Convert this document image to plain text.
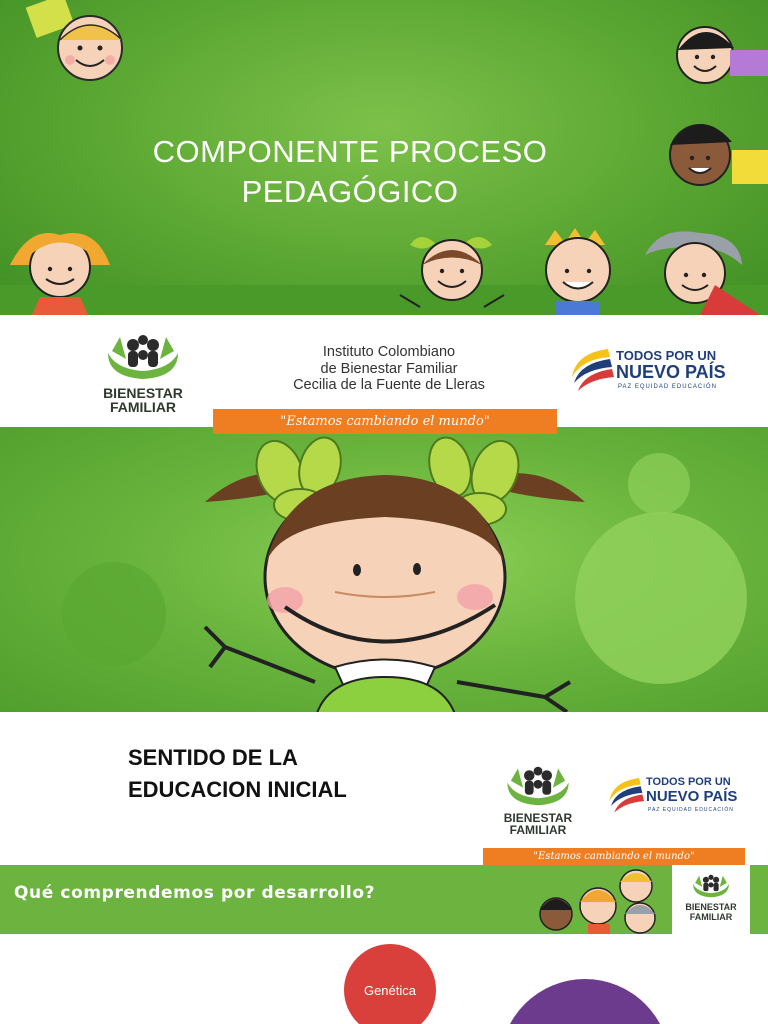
COMPONENTE PROCESO
PEDAGÓGICO
BIENESTAR
FAMILIAR
Instituto Colombiano
de Bienestar Familiar
Cecilia de la Fuente de Lleras
TODOS POR UN
NUEVO PAÍS
PAZ EQUIDAD EDUCACIÓN
"Estamos cambiando el mundo"
SENTIDO DE LA
EDUCACION INICIAL
BIENESTAR
FAMILIAR
TODOS POR UN
NUEVO PAÍS
PAZ EQUIDAD EDUCACIÓN
"Estamos cambiando el mundo"
Qué comprendemos por desarrollo?
BIENESTAR
FAMILIAR
Genética
